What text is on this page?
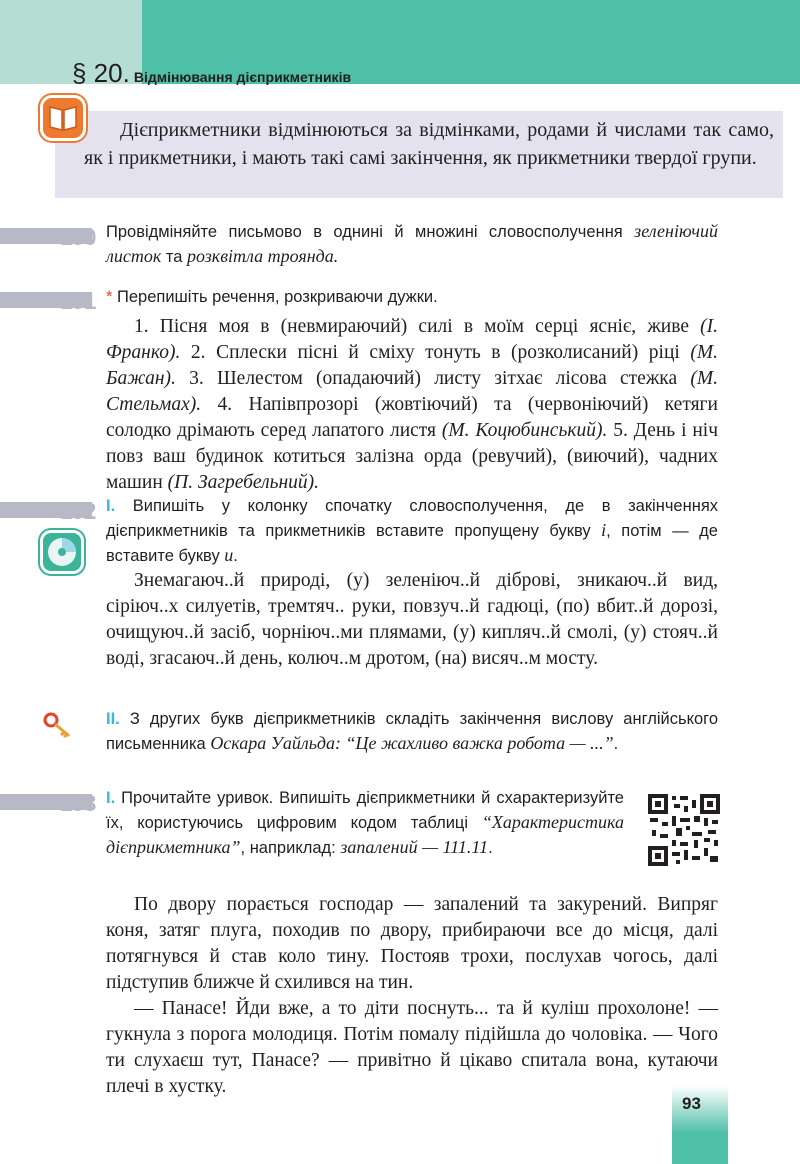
§ 20. Відмінювання дієприкметників
Дієприкметники відмінюються за відмінками, родами й числами так само, як і прикметники, і мають такі самі закінчення, як прикметники твердої групи.
190 Провідміняйте письмово в однині й множині словосполучення зеленіючий листок та розквітла троянда.
191 * Перепишіть речення, розкриваючи дужки.
1. Пісня моя в (невмираючий) силі в моїм серці ясніє, живе (І. Франко). 2. Сплески пісні й сміху тонуть в (розколисаний) ріці (М. Бажан). 3. Шелестом (опадаючий) листу зітхає лісова стежка (М. Стельмах). 4. Напівпрозорі (жовтіючий) та (червоніючий) кетяги солодко дрімають серед лапатого листя (М. Коцюбинський). 5. День і ніч повз ваш будинок котиться залізна орда (ревучий), (виючий), чадних машин (П. Загребельний).
192 I. Випишіть у колонку спочатку словосполучення, де в закінченнях дієприкметників та прикметників вставите пропущену букву і, потім — де вставите букву и.
Знемагаюч..й природі, (у) зеленіюч..й діброві, зникаюч..й вид, сіріюч..х силуетів, тремтяч.. руки, повзуч..й гадюці, (по) вбит..й дорозі, очищуюч..й засіб, чорніюч..ми плямами, (у) кипляч..й смолі, (у) стояч..й воді, згасаюч..й день, колюч..м дротом, (на) висяч..м мосту.
II. З других букв дієприкметників складіть закінчення вислову англійського письменника Оскара Уайльда: “Це жахливо важка робота — ...”.
193 I. Прочитайте уривок. Випишіть дієприкметники й схарактеризуйте їх, користуючись цифровим кодом таблиці “Характеристика дієприкметника”, наприклад: запалений — 111.11.
По двору порається господар — запалений та закурений. Випряг коня, затяг плуга, походив по двору, прибираючи все до місця, далі потягнувся й став коло тину. Постояв трохи, послухав чогось, далі підступив ближче й схилився на тин.
— Панасе! Йди вже, а то діти поснуть... та й куліш прохолоне! — гукнула з порога молодиця. Потім помалу підійшла до чоловіка. — Чого ти слухаєш тут, Панасе? — привітно й цікаво спитала вона, кутаючи плечі в хустку.
93
